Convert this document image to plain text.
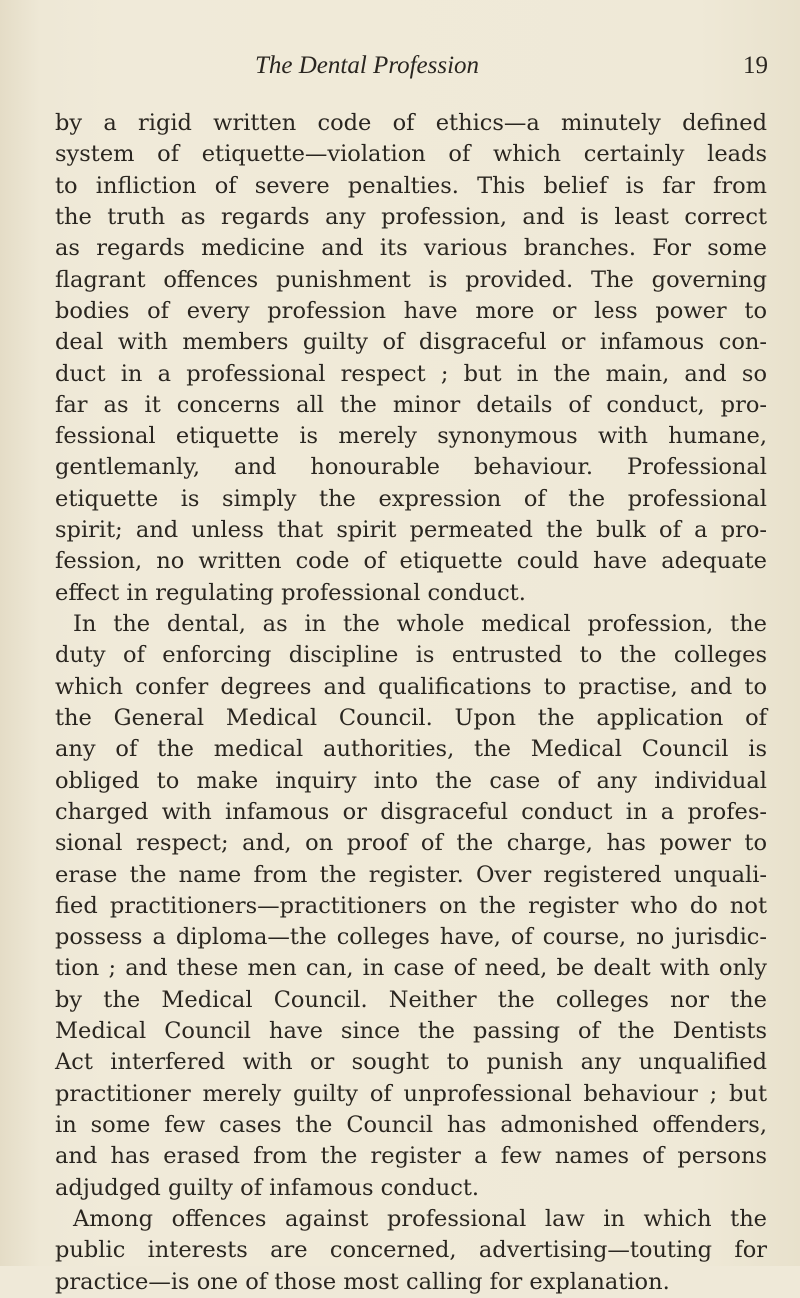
The Dental Profession	19
by a rigid written code of ethics—a minutely defined
system of etiquette—violation of which certainly leads
to infliction of severe penalties. This belief is far from
the truth as regards any profession, and is least correct
as regards medicine and its various branches. For some
flagrant offences punishment is provided. The governing
bodies of every profession have more or less power to
deal with members guilty of disgraceful or infamous con-
duct in a professional respect ; but in the main, and so
far as it concerns all the minor details of conduct, pro-
fessional etiquette is merely synonymous with humane,
gentlemanly, and honourable behaviour. Professional
etiquette is simply the expression of the professional
spirit; and unless that spirit permeated the bulk of a pro-
fession, no written code of etiquette could have adequate
effect in regulating professional conduct.
In the dental, as in the whole medical profession, the
duty of enforcing discipline is entrusted to the colleges
which confer degrees and qualifications to practise, and to
the General Medical Council. Upon the application of
any of the medical authorities, the Medical Council is
obliged to make inquiry into the case of any individual
charged with infamous or disgraceful conduct in a profes-
sional respect; and, on proof of the charge, has power to
erase the name from the register. Over registered unquali-
fied practitioners—practitioners on the register who do not
possess a diploma—the colleges have, of course, no jurisdic-
tion ; and these men can, in case of need, be dealt with only
by the Medical Council. Neither the colleges nor the
Medical Council have since the passing of the Dentists
Act interfered with or sought to punish any unqualified
practitioner merely guilty of unprofessional behaviour ; but
in some few cases the Council has admonished offenders,
and has erased from the register a few names of persons
adjudged guilty of infamous conduct.
Among offences against professional law in which the
public interests are concerned, advertising—touting for
practice—is one of those most calling for explanation.
